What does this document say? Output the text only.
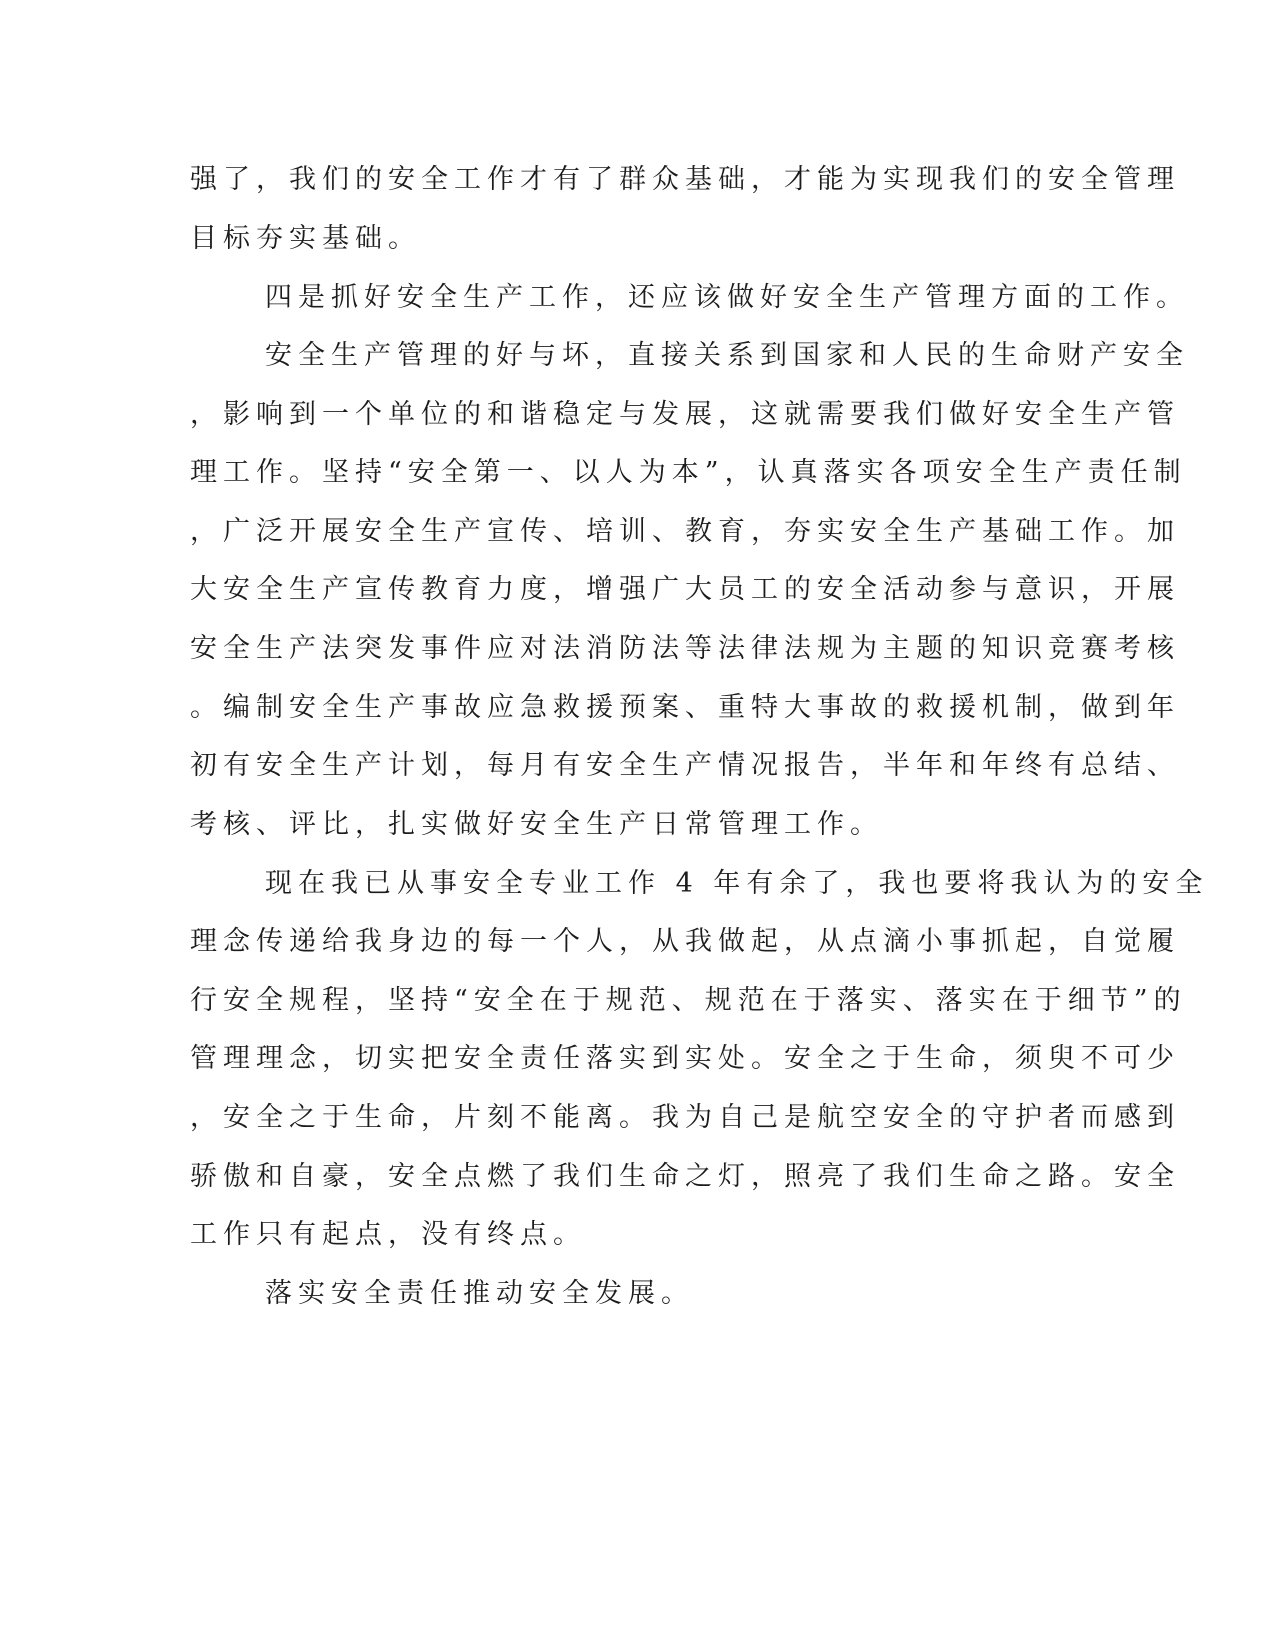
强了，我们的安全工作才有了群众基础，才能为实现我们的安全管理
目标夯实基础。
四是抓好安全生产工作，还应该做好安全生产管理方面的工作。
安全生产管理的好与坏，直接关系到国家和人民的生命财产安全
，影响到一个单位的和谐稳定与发展，这就需要我们做好安全生产管
理工作。坚持“安全第一、以人为本”，认真落实各项安全生产责任制
，广泛开展安全生产宣传、培训、教育，夯实安全生产基础工作。加
大安全生产宣传教育力度，增强广大员工的安全活动参与意识，开展
安全生产法突发事件应对法消防法等法律法规为主题的知识竞赛考核
。编制安全生产事故应急救援预案、重特大事故的救援机制，做到年
初有安全生产计划，每月有安全生产情况报告，半年和年终有总结、
考核、评比，扎实做好安全生产日常管理工作。
现在我已从事安全专业工作 4 年有余了，我也要将我认为的安全
理念传递给我身边的每一个人，从我做起，从点滴小事抓起，自觉履
行安全规程，坚持“安全在于规范、规范在于落实、落实在于细节”的
管理理念，切实把安全责任落实到实处。安全之于生命，须臾不可少
，安全之于生命，片刻不能离。我为自己是航空安全的守护者而感到
骄傲和自豪，安全点燃了我们生命之灯，照亮了我们生命之路。安全
工作只有起点，没有终点。
落实安全责任推动安全发展。
